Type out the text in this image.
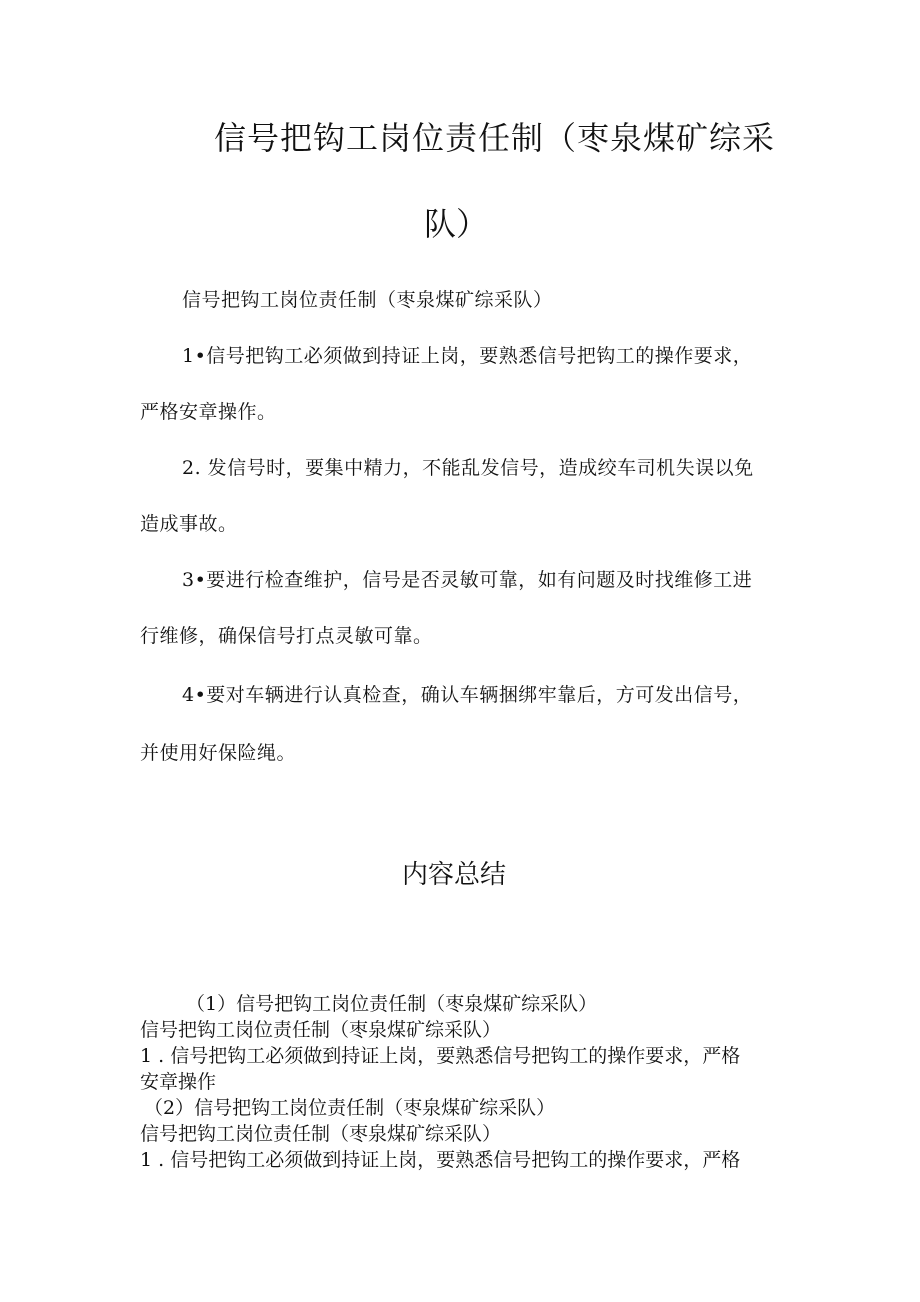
信号把钩工岗位责任制（枣泉煤矿综采
队）
信号把钩工岗位责任制（枣泉煤矿综采队）
1•信号把钩工必须做到持证上岗，要熟悉信号把钩工的操作要求，
严格安章操作。
2. 发信号时，要集中精力，不能乱发信号，造成绞车司机失误以免
造成事故。
3•要进行检查维护，信号是否灵敏可靠，如有问题及时找维修工进
行维修，确保信号打点灵敏可靠。
4•要对车辆进行认真检查，确认车辆捆绑牢靠后，方可发出信号，
并使用好保险绳。
内容总结
（1）信号把钩工岗位责任制（枣泉煤矿综采队）
信号把钩工岗位责任制（枣泉煤矿综采队）
1 . 信号把钩工必须做到持证上岗，要熟悉信号把钩工的操作要求，严格
安章操作
（2）信号把钩工岗位责任制（枣泉煤矿综采队）
信号把钩工岗位责任制（枣泉煤矿综采队）
1 . 信号把钩工必须做到持证上岗，要熟悉信号把钩工的操作要求，严格
